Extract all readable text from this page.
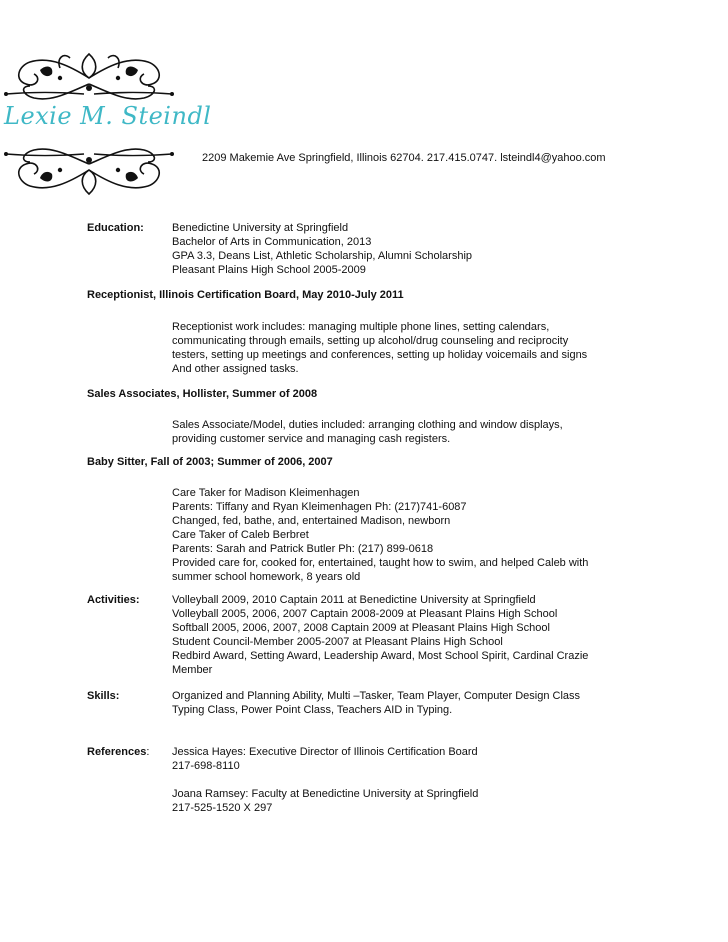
Lexie M. Steindl
2209 Makemie Ave Springfield, Illinois 62704. 217.415.0747. lsteindl4@yahoo.com
Education:	Benedictine University at Springfield
Bachelor of Arts in Communication, 2013
GPA 3.3, Deans List, Athletic Scholarship, Alumni Scholarship
Pleasant Plains High School 2005-2009
Receptionist, Illinois Certification Board, May 2010-July 2011
Receptionist work includes: managing multiple phone lines, setting calendars,
communicating through emails, setting up alcohol/drug counseling and reciprocity
testers, setting up meetings and conferences, setting up holiday voicemails and signs
And other assigned tasks.
Sales Associates, Hollister, Summer of 2008
Sales Associate/Model, duties included: arranging clothing and window displays,
providing customer service and managing cash registers.
Baby Sitter, Fall of 2003; Summer of 2006, 2007
Care Taker for Madison Kleimenhagen
Parents: Tiffany and Ryan Kleimenhagen Ph: (217)741-6087
Changed, fed, bathe, and, entertained Madison, newborn
Care Taker of Caleb Berbret
Parents: Sarah and Patrick Butler Ph: (217) 899-0618
Provided care for, cooked for, entertained, taught how to swim, and helped Caleb with
summer school homework, 8 years old
Activities:	Volleyball 2009, 2010 Captain 2011 at Benedictine University at Springfield
Volleyball 2005, 2006, 2007 Captain 2008-2009 at Pleasant Plains High School
Softball 2005, 2006, 2007, 2008 Captain 2009 at Pleasant Plains High School
Student Council-Member 2005-2007 at Pleasant Plains High School
Redbird Award, Setting Award, Leadership Award, Most School Spirit, Cardinal Crazie
Member
Skills:	Organized and Planning Ability, Multi –Tasker, Team Player, Computer Design Class
Typing Class, Power Point Class, Teachers AID in Typing.
References: Jessica Hayes: Executive Director of Illinois Certification Board
217-698-8110
Joana Ramsey: Faculty at Benedictine University at Springfield
217-525-1520 X 297
